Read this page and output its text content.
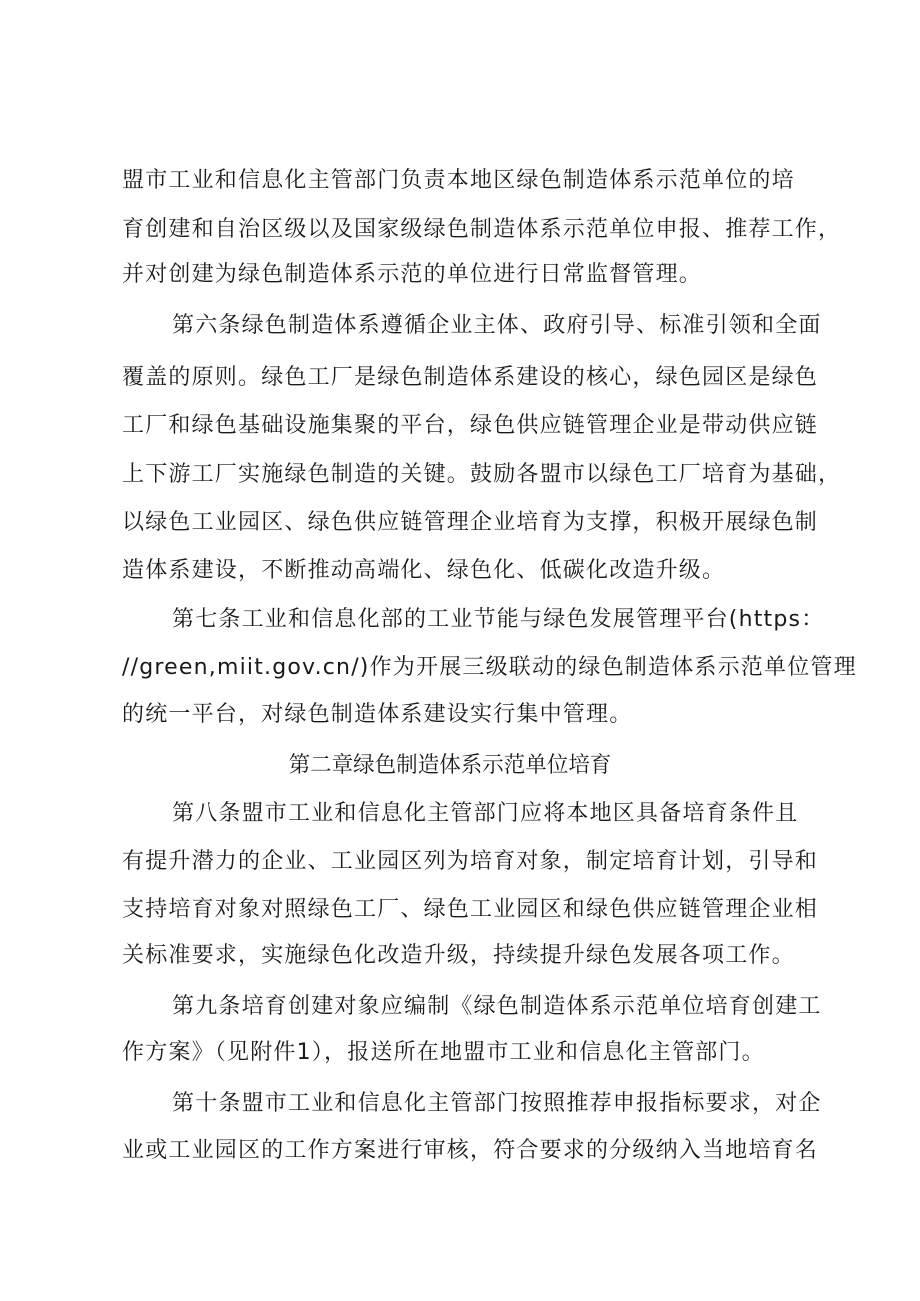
盟市工业和信息化主管部门负责本地区绿色制造体系示范单位的培
育创建和自治区级以及国家级绿色制造体系示范单位申报、推荐工作，
并对创建为绿色制造体系示范的单位进行日常监督管理。
第六条绿色制造体系遵循企业主体、政府引导、标准引领和全面
覆盖的原则。绿色工厂是绿色制造体系建设的核心，绿色园区是绿色
工厂和绿色基础设施集聚的平台，绿色供应链管理企业是带动供应链
上下游工厂实施绿色制造的关键。鼓励各盟市以绿色工厂培育为基础，
以绿色工业园区、绿色供应链管理企业培育为支撑，积极开展绿色制
造体系建设，不断推动高端化、绿色化、低碳化改造升级。
第七条工业和信息化部的工业节能与绿色发展管理平台(https：
//green,miit.gov.cn/)作为开展三级联动的绿色制造体系示范单位管理
的统一平台，对绿色制造体系建设实行集中管理。
第二章绿色制造体系示范单位培育
第八条盟市工业和信息化主管部门应将本地区具备培育条件且
有提升潜力的企业、工业园区列为培育对象，制定培育计划，引导和
支持培育对象对照绿色工厂、绿色工业园区和绿色供应链管理企业相
关标准要求，实施绿色化改造升级，持续提升绿色发展各项工作。
第九条培育创建对象应编制《绿色制造体系示范单位培育创建工
作方案》（见附件1），报送所在地盟市工业和信息化主管部门。
第十条盟市工业和信息化主管部门按照推荐申报指标要求，对企
业或工业园区的工作方案进行审核，符合要求的分级纳入当地培育名
